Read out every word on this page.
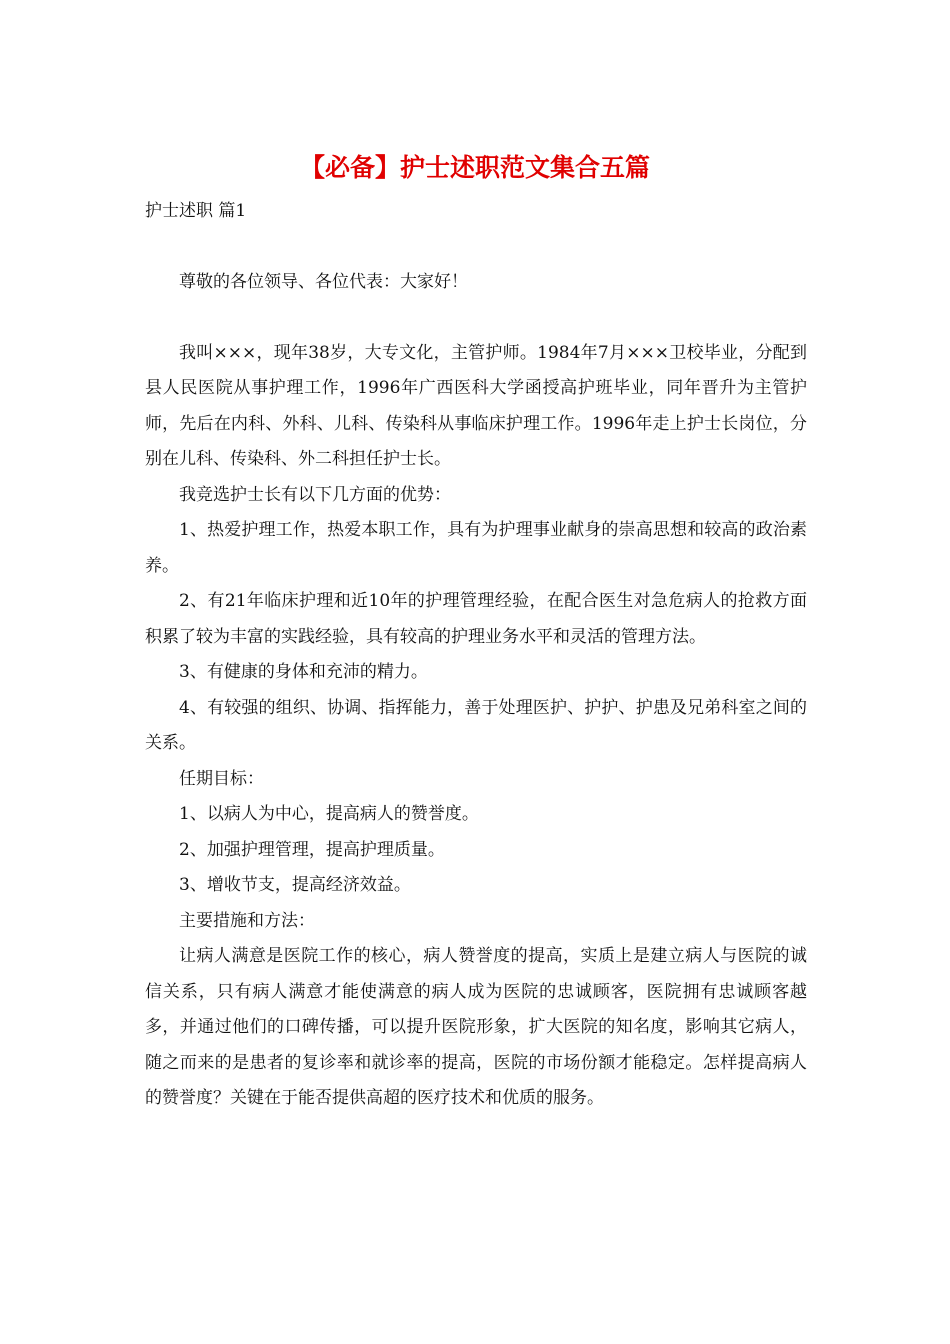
【必备】护士述职范文集合五篇
护士述职 篇1

尊敬的各位领导、各位代表：大家好！

我叫×××，现年38岁，大专文化，主管护师。1984年7月×××卫校毕业，分配到县人民医院从事护理工作，1996年广西医科大学函授高护班毕业，同年晋升为主管护师，先后在内科、外科、儿科、传染科从事临床护理工作。1996年走上护士长岗位，分别在儿科、传染科、外二科担任护士长。

我竞选护士长有以下几方面的优势：

1、热爱护理工作，热爱本职工作，具有为护理事业献身的崇高思想和较高的政治素养。

2、有21年临床护理和近10年的护理管理经验，在配合医生对急危病人的抢救方面积累了较为丰富的实践经验，具有较高的护理业务水平和灵活的管理方法。

3、有健康的身体和充沛的精力。

4、有较强的组织、协调、指挥能力，善于处理医护、护护、护患及兄弟科室之间的关系。

任期目标：

1、以病人为中心，提高病人的赞誉度。

2、加强护理管理，提高护理质量。

3、增收节支，提高经济效益。

主要措施和方法：

让病人满意是医院工作的核心，病人赞誉度的提高，实质上是建立病人与医院的诚信关系，只有病人满意才能使满意的病人成为医院的忠诚顾客，医院拥有忠诚顾客越多，并通过他们的口碑传播，可以提升医院形象，扩大医院的知名度，影响其它病人，随之而来的是患者的复诊率和就诊率的提高，医院的市场份额才能稳定。怎样提高病人的赞誉度？关键在于能否提供高超的医疗技术和优质的服务。
